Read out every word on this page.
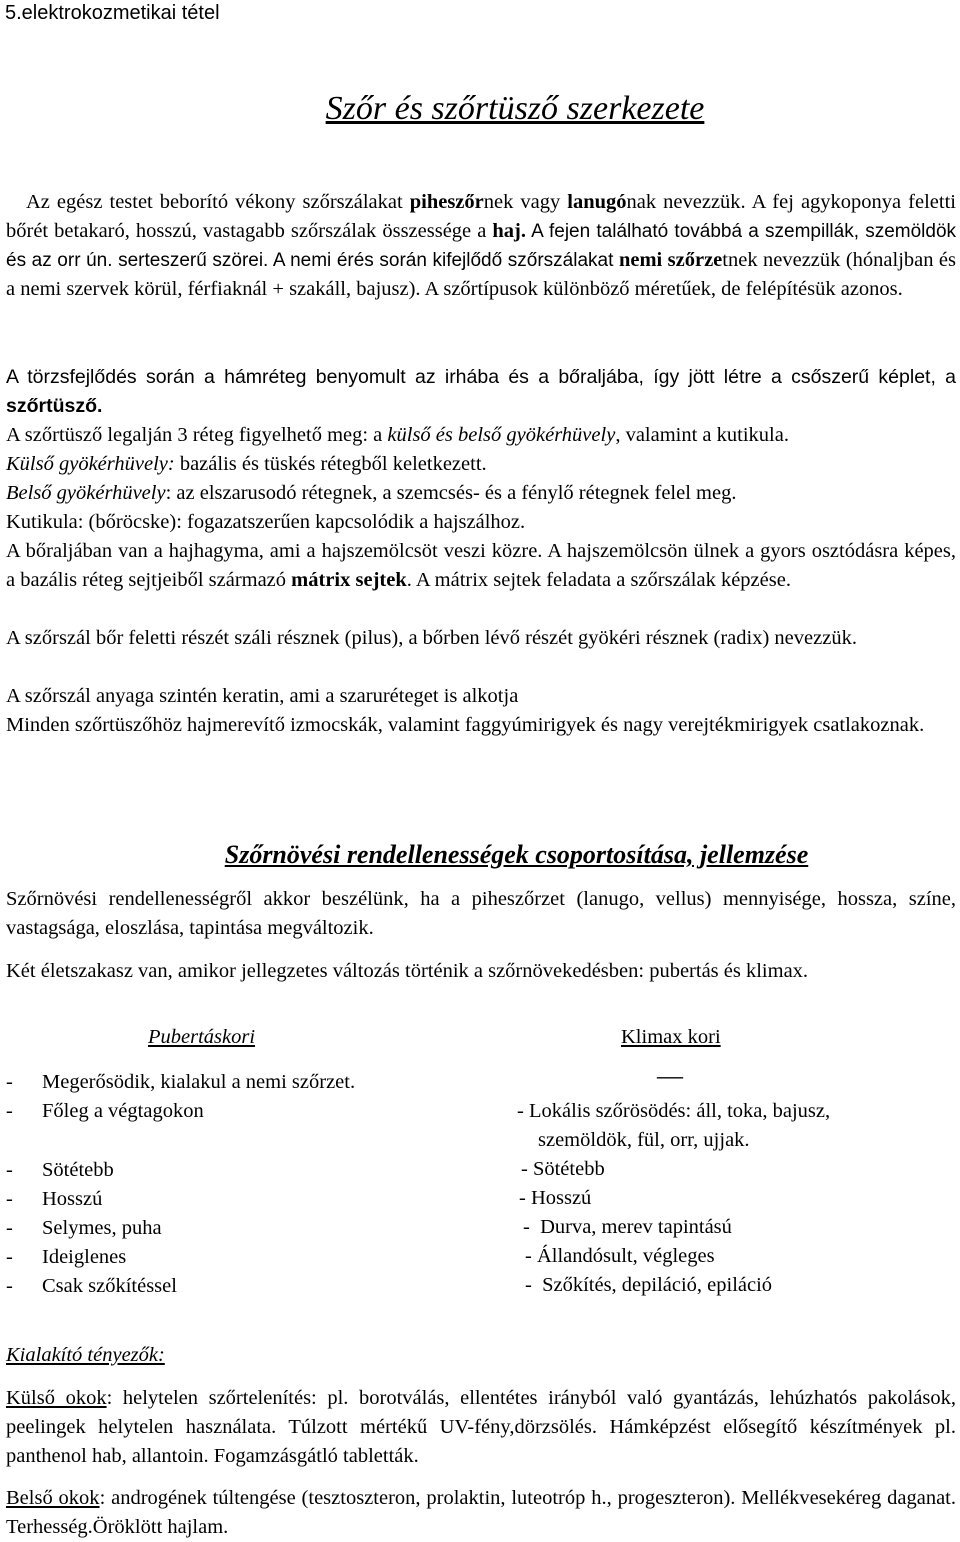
5.elektrokozmetikai tétel
Szőr és szőrtüsző szerkezete

Az egész testet beborító vékony szőrszálakat piheszőrnek vagy lanugónak nevezzük. A fej agykoponya feletti bőrét betakaró, hosszú, vastagabb szőrszálak összessége a haj. A fejen található továbbá a szempillák, szemöldök és az orr ún. serteszerű szörei. A nemi érés során kifejlődő szőrszálakat nemi szőrzetnek nevezzük (hónaljban és a nemi szervek körül, férfiaknál + szakáll, bajusz). A szőrtípusok különböző méretűek, de felépítésük azonos.

A törzsfejlődés során a hámréteg benyomult az irhába és a bőraljába, így jött létre a csőszerű képlet, a szőrtüsző.

A szőrtüsző legalján 3 réteg figyelhető meg: a külső és belső gyökérhüvely, valamint a kutikula.

Külső gyökérhüvely: bazális és tüskés rétegből keletkezett.

Belső gyökérhüvely: az elszarusodó rétegnek, a szemcsés- és a fénylő rétegnek felel meg.

Kutikula: (bőröcske): fogazatszerűen kapcsolódik a hajszálhoz.

A bőraljában van a hajhagyma, ami a hajszemölcsöt veszi közre. A hajszemölcsön ülnek a gyors osztódásra képes, a bazális réteg sejtjeiből származó mátrix sejtek. A mátrix sejtek feladata a szőrszálak képzése.

A szőrszál bőr feletti részét száli résznek (pilus), a bőrben lévő részét gyökéri résznek (radix) nevezzük.

A szőrszál anyaga szintén keratin, ami a szaruréteget is alkotja

Minden szőrtüszőhöz hajmerevítő izmocskák, valamint faggyúmirigyek és nagy verejtékmirigyek csatlakoznak.

Szőrnövési rendellenességek csoportosítása, jellemzése

Szőrnövési rendellenességről akkor beszélünk, ha a piheszőrzet (lanugo, vellus) mennyisége, hossza, színe, vastagsága, eloszlása, tapintása megváltozik.

Két életszakasz van, amikor jellegzetes változás történik a szőrnövekedésben: pubertás és klimax.

Pubertáskori	Klimax kori
- Megerősödik, kialakul a nemi szőrzet.
- Főleg a végtagokon

- Sötétebb
- Hosszú
- Selymes, puha
- Ideiglenes
- Csak szőkítéssel
—
- Lokális szőrösödés: áll, toka, bajusz,
szemöldök, fül, orr, ujjak.
- Sötétebb
- Hosszú
-  Durva, merev tapintású
- Állandósult, végleges
-  Szőkítés, depiláció, epiláció
Kialakító tényezők:

Külső okok: helytelen szőrtelenítés: pl. borotválás, ellentétes irányból való gyantázás, lehúzhatós pakolások, peelingek helytelen használata. Túlzott mértékű UV-fény,dörzsölés. Hámképzést elősegítő készítmények pl. panthenol hab, allantoin. Fogamzásgátló tabletták.

Belső okok: androgének túltengése (tesztoszteron, prolaktin, luteotróp h., progeszteron). Mellékvesekéreg daganat. Terhesség.Öröklött hajlam.
